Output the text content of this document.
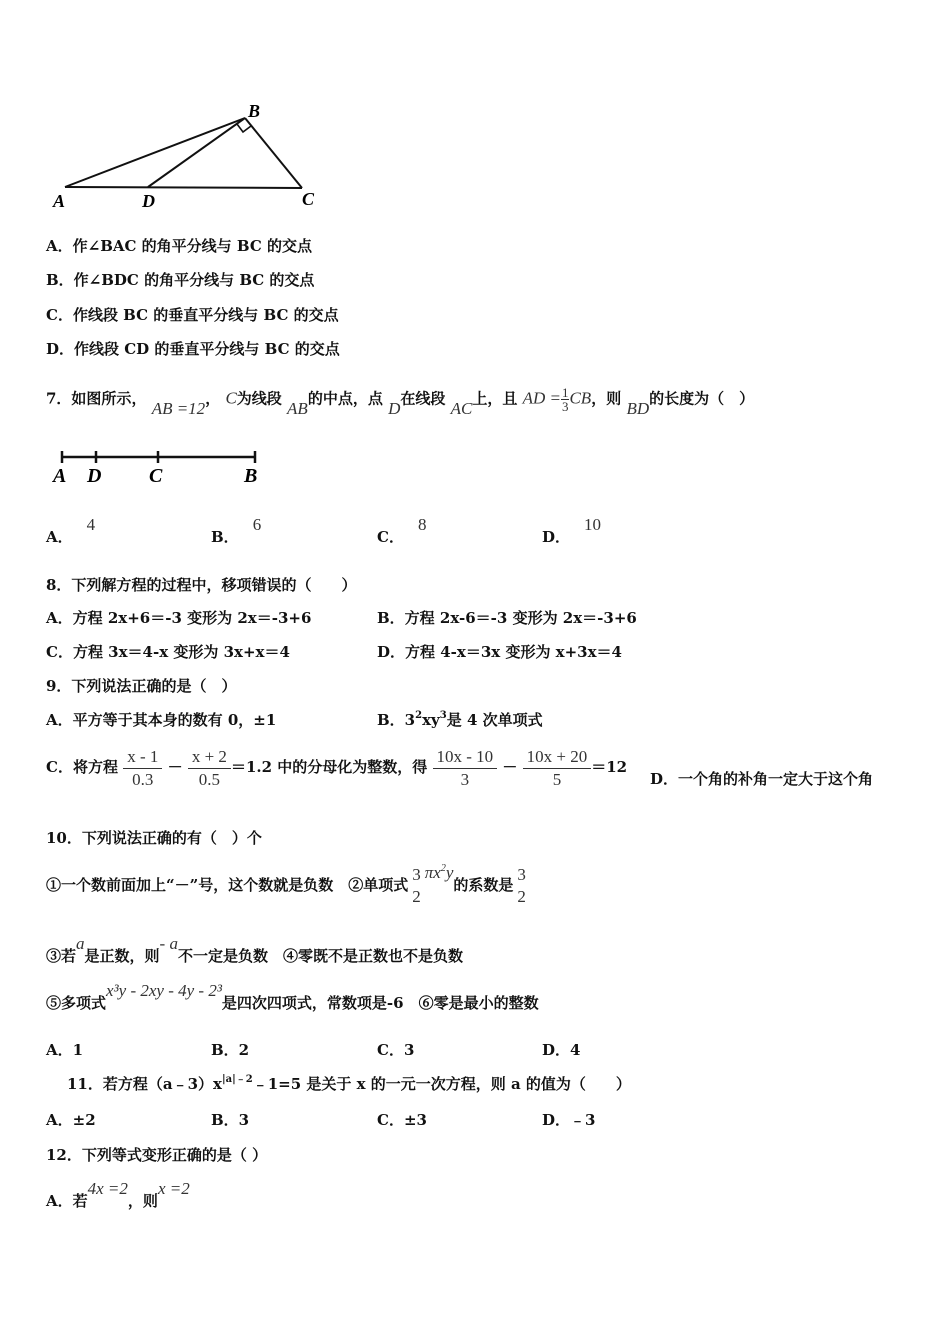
A	D	C
B
A．作∠BAC 的角平分线与 BC 的交点
B．作∠BDC 的角平分线与 BC 的交点
C．作线段 BC 的垂直平分线与 BC 的交点
D．作线段 CD 的垂直平分线与 BC 的交点
7．如图所示， AB =12， C为线段 AB的中点，点 D在线段 AC上，且 AD = $\frac{1}{3}$ CB，则 BD的长度为（　）
A D C	B
A．4
B．6
C．8
D．10
8．下列解方程的过程中，移项错误的（　　）
A．方程 2x+6＝-3 变形为 2x＝-3+6	B．方程 2x-6＝-3 变形为 2x＝-3+6
C．方程 3x＝4-x 变形为 3x+x＝4	D．方程 4-x＝3x 变形为 x+3x＝4
9．下列说法正确的是（　）
A．平方等于其本身的数有 0，±1	B．$3^2xy^3$是 4 次单项式
C．将方程 $\frac{x - 1}{0.3} - \frac{x + 2}{0.5} =1.2$ 中的分母化为整数，得 $\frac{10x - 10}{3} - \frac{10x + 20}{5} =12$
D．一个角的补角一定大于这个角
10．下列说法正确的有（　）个
①一个数前面加上“－”号，这个数就是负数　②单项式
3
2
$\pi x^2y$的系数是
3
2
③若a是正数，则- a不一定是负数　④零既不是正数也不是负数
⑤多项式x³y - 2xy - 4y - 2³是四次四项式，常数项是-6　⑥零是最小的整数
A．1	B．2	C．3	D．4
11．若方程$(a﹣3)x^{|a|﹣2}﹣1=5$ 是关于 x 的一元一次方程，则 a 的值为（　　）
A．±2	B．3	C．±3	D．﹣3
12．下列等式变形正确的是（ ）
A．若4x =2，则x =2
